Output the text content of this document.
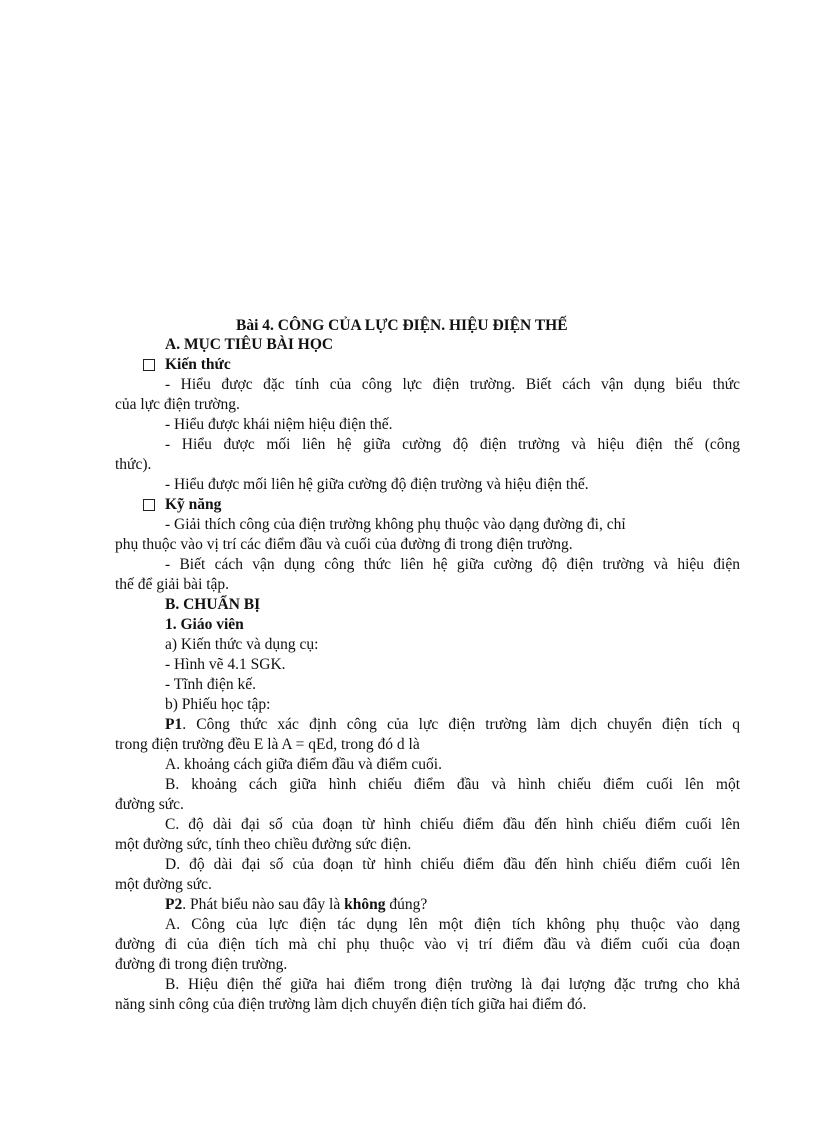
Bài 4. CÔNG CỦA LỰC ĐIỆN. HIỆU ĐIỆN THẾ
A. MỤC TIÊU BÀI HỌC
Kiến thức
- Hiểu được đặc tính của công lực điện trường. Biết cách vận dụng biểu thức
của lực điện trường.
- Hiểu được khái niệm hiệu điện thế.
- Hiểu được mối liên hệ giữa cường độ điện trường và hiệu điện thế (công
thức).
- Hiểu được mối liên hệ giữa cường độ điện trường và hiệu điện thế.
Kỹ năng
- Giải thích công của điện trường không phụ thuộc vào dạng đường đi, chỉ
phụ thuộc vào vị trí các điểm đầu và cuối của đường đi trong điện trường.
- Biết cách vận dụng công thức liên hệ giữa cường độ điện trường và hiệu điện
thế để giải bài tập.
B. CHUẨN BỊ
1. Giáo viên
a) Kiến thức và dụng cụ:
- Hình vẽ 4.1 SGK.
- Tĩnh điện kế.
b) Phiếu học tập:
P1. Công thức xác định công của lực điện trường làm dịch chuyển điện tích q
trong điện trường đều E là A = qEd, trong đó d là
A. khoảng cách giữa điểm đầu và điểm cuối.
B. khoảng cách giữa hình chiếu điểm đầu và hình chiếu điểm cuối lên một
đường sức.
C. độ dài đại số của đoạn từ hình chiếu điểm đầu đến hình chiếu điểm cuối lên
một đường sức, tính theo chiều đường sức điện.
D. độ dài đại số của đoạn từ hình chiếu điểm đầu đến hình chiếu điểm cuối lên
một đường sức.
P2. Phát biểu nào sau đây là không đúng?
A. Công của lực điện tác dụng lên một điện tích không phụ thuộc vào dạng
đường đi của điện tích mà chỉ phụ thuộc vào vị trí điểm đầu và điểm cuối của đoạn
đường đi trong điện trường.
B. Hiệu điện thế giữa hai điểm trong điện trường là đại lượng đặc trưng cho khả
năng sinh công của điện trường làm dịch chuyển điện tích giữa hai điểm đó.
